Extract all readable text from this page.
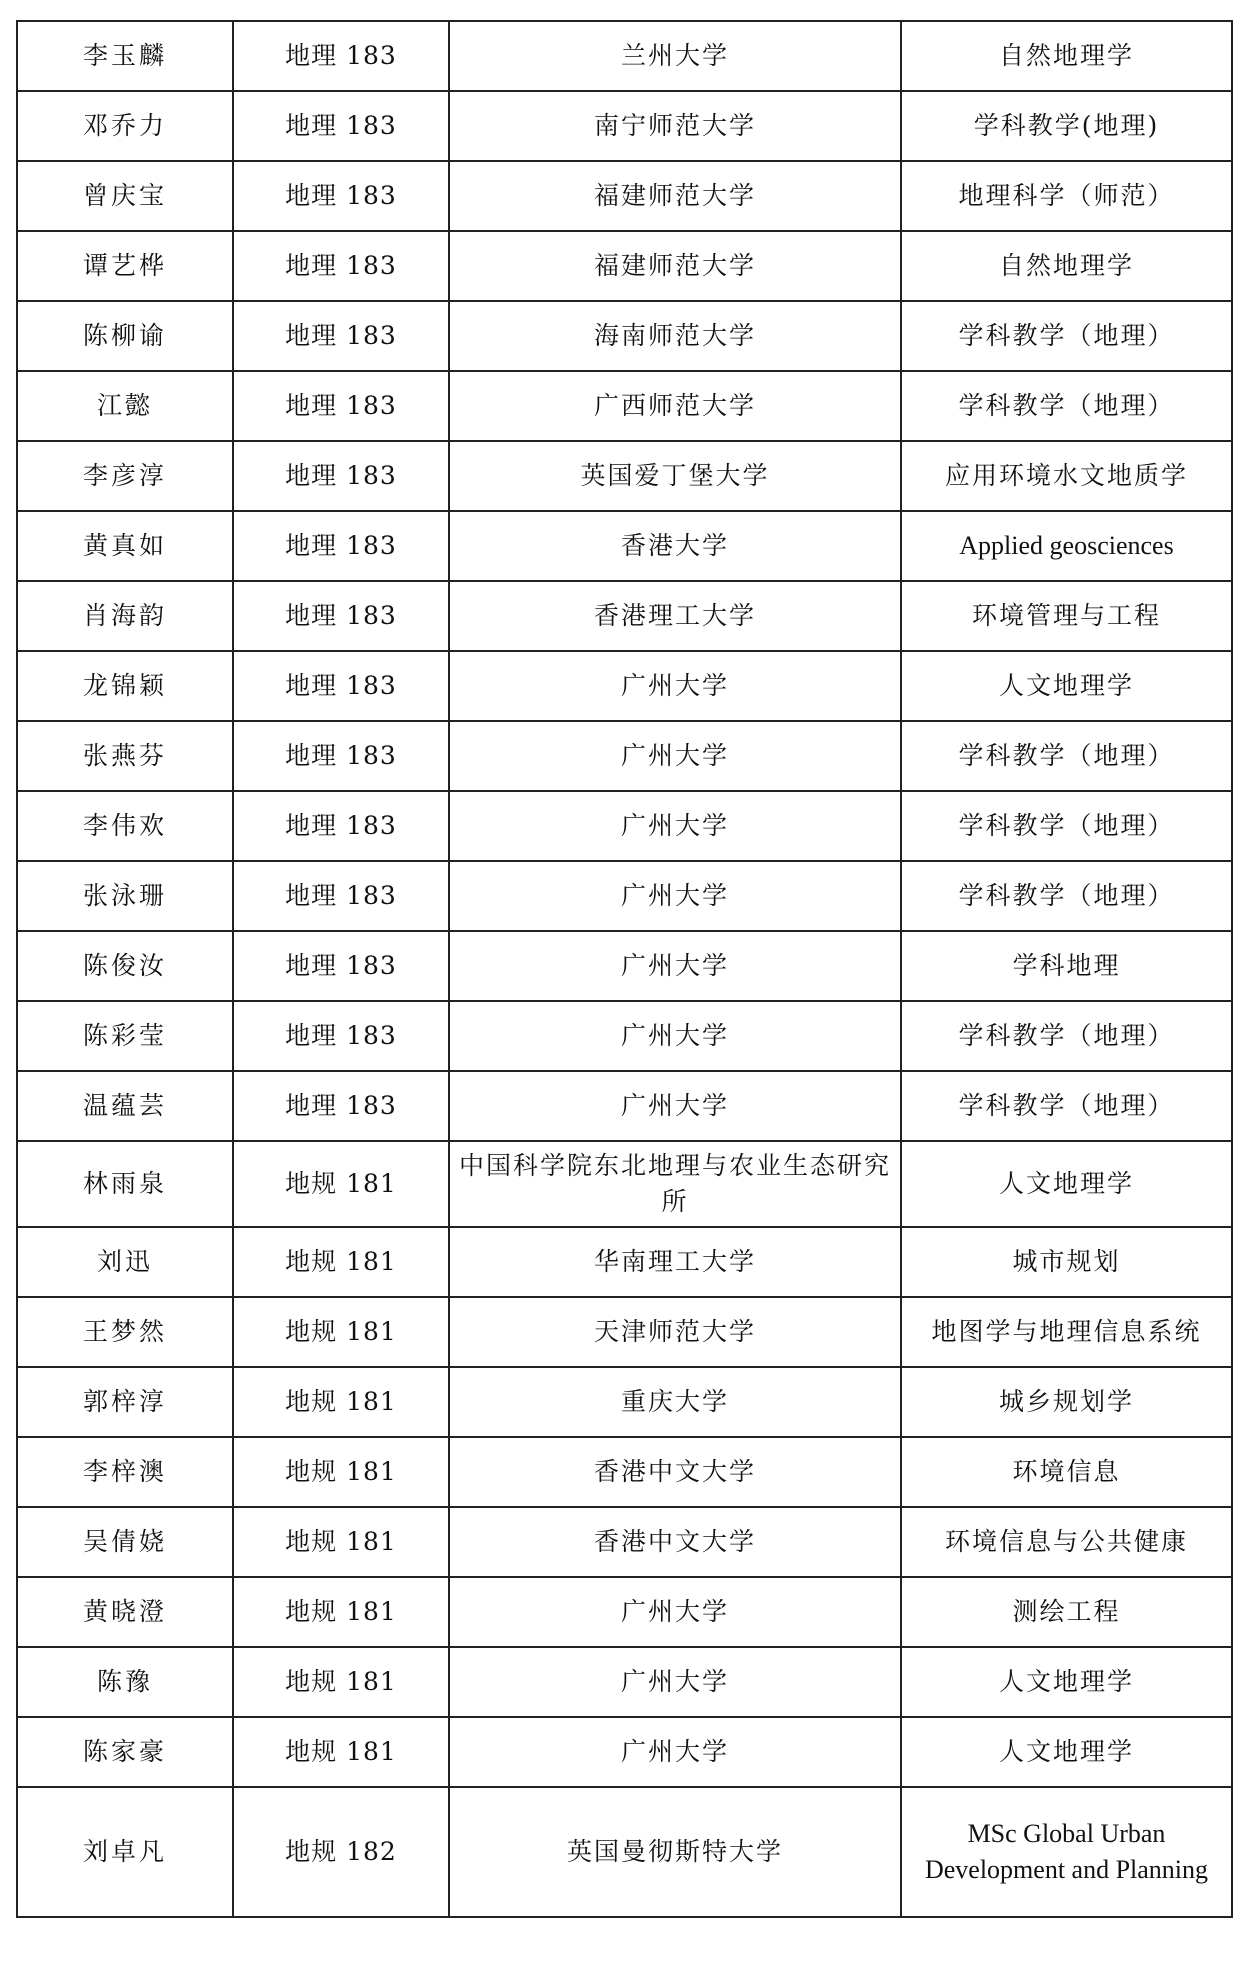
李玉麟	地理 183	兰州大学	自然地理学
邓乔力	地理 183	南宁师范大学	学科教学(地理)
曾庆宝	地理 183	福建师范大学	地理科学（师范）
谭艺桦	地理 183	福建师范大学	自然地理学
陈柳谕	地理 183	海南师范大学	学科教学（地理）
江懿	地理 183	广西师范大学	学科教学（地理）
李彦淳	地理 183	英国爱丁堡大学	应用环境水文地质学
黄真如	地理 183	香港大学	Applied geosciences
肖海韵	地理 183	香港理工大学	环境管理与工程
龙锦颖	地理 183	广州大学	人文地理学
张燕芬	地理 183	广州大学	学科教学（地理）
李伟欢	地理 183	广州大学	学科教学（地理）
张泳珊	地理 183	广州大学	学科教学（地理）
陈俊汝	地理 183	广州大学	学科地理
陈彩莹	地理 183	广州大学	学科教学（地理）
温蕴芸	地理 183	广州大学	学科教学（地理）
林雨泉	地规 181	中国科学院东北地理与农业生态研究所	人文地理学
刘迅	地规 181	华南理工大学	城市规划
王梦然	地规 181	天津师范大学	地图学与地理信息系统
郭梓淳	地规 181	重庆大学	城乡规划学
李梓澳	地规 181	香港中文大学	环境信息
吴倩娆	地规 181	香港中文大学	环境信息与公共健康
黄晓澄	地规 181	广州大学	测绘工程
陈豫	地规 181	广州大学	人文地理学
陈家豪	地规 181	广州大学	人文地理学
刘卓凡	地规 182	英国曼彻斯特大学	MSc Global Urban Development and Planning
